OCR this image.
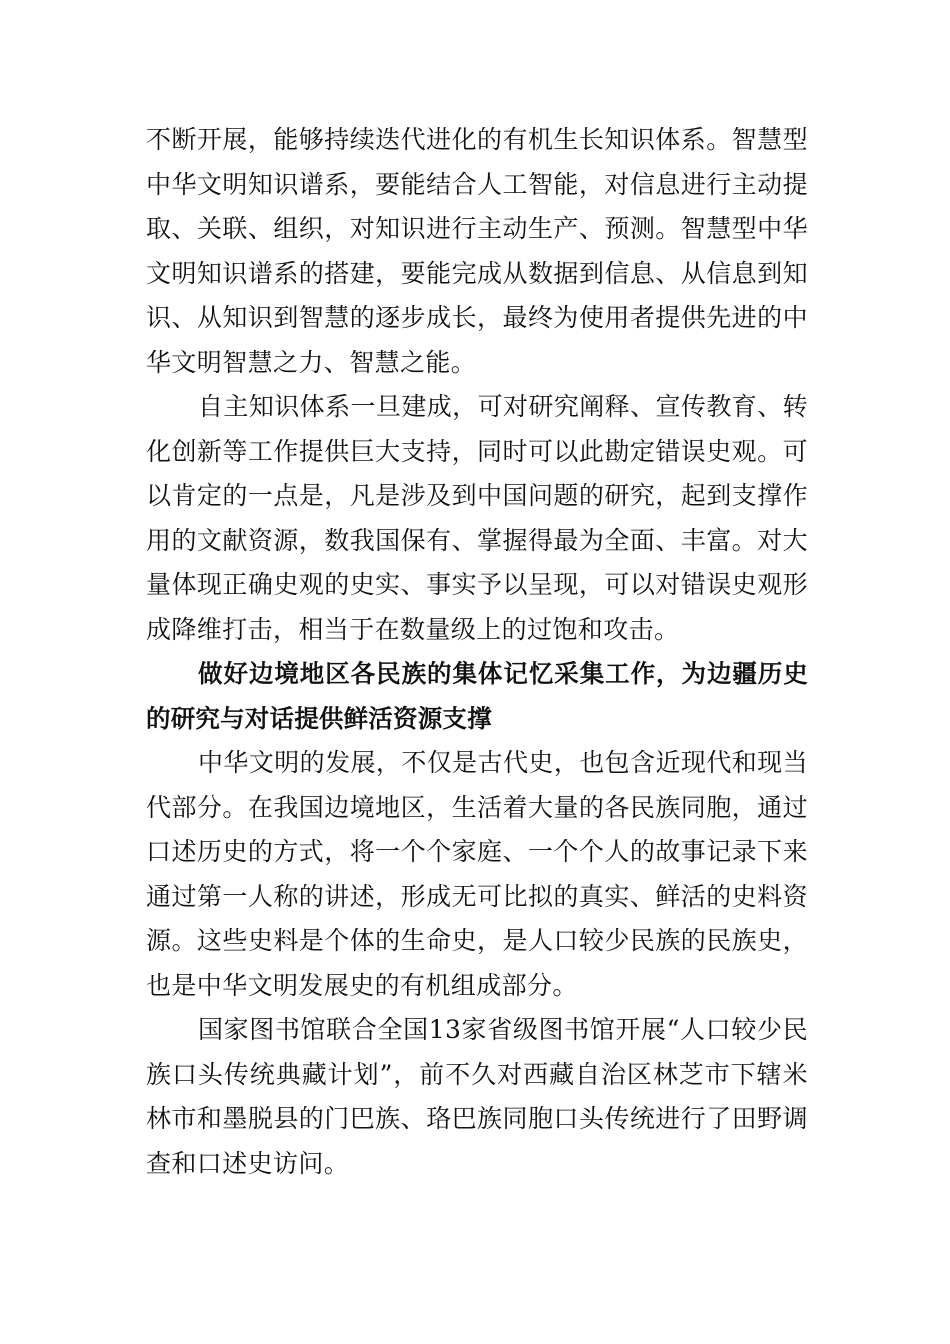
不断开展，能够持续迭代进化的有机生长知识体系。智慧型中华文明知识谱系，要能结合人工智能，对信息进行主动提取、关联、组织，对知识进行主动生产、预测。智慧型中华文明知识谱系的搭建，要能完成从数据到信息、从信息到知识、从知识到智慧的逐步成长，最终为使用者提供先进的中华文明智慧之力、智慧之能。

自主知识体系一旦建成，可对研究阐释、宣传教育、转化创新等工作提供巨大支持，同时可以此勘定错误史观。可以肯定的一点是，凡是涉及到中国问题的研究，起到支撑作用的文献资源，数我国保有、掌握得最为全面、丰富。对大量体现正确史观的史实、事实予以呈现，可以对错误史观形成降维打击，相当于在数量级上的过饱和攻击。

做好边境地区各民族的集体记忆采集工作，为边疆历史的研究与对话提供鲜活资源支撑

中华文明的发展，不仅是古代史，也包含近现代和现当代部分。在我国边境地区，生活着大量的各民族同胞，通过口述历史的方式，将一个个家庭、一个个人的故事记录下来通过第一人称的讲述，形成无可比拟的真实、鲜活的史料资源。这些史料是个体的生命史，是人口较少民族的民族史，也是中华文明发展史的有机组成部分。

国家图书馆联合全国13家省级图书馆开展“人口较少民族口头传统典藏计划”，前不久对西藏自治区林芝市下辖米林市和墨脱县的门巴族、珞巴族同胞口头传统进行了田野调查和口述史访问。
